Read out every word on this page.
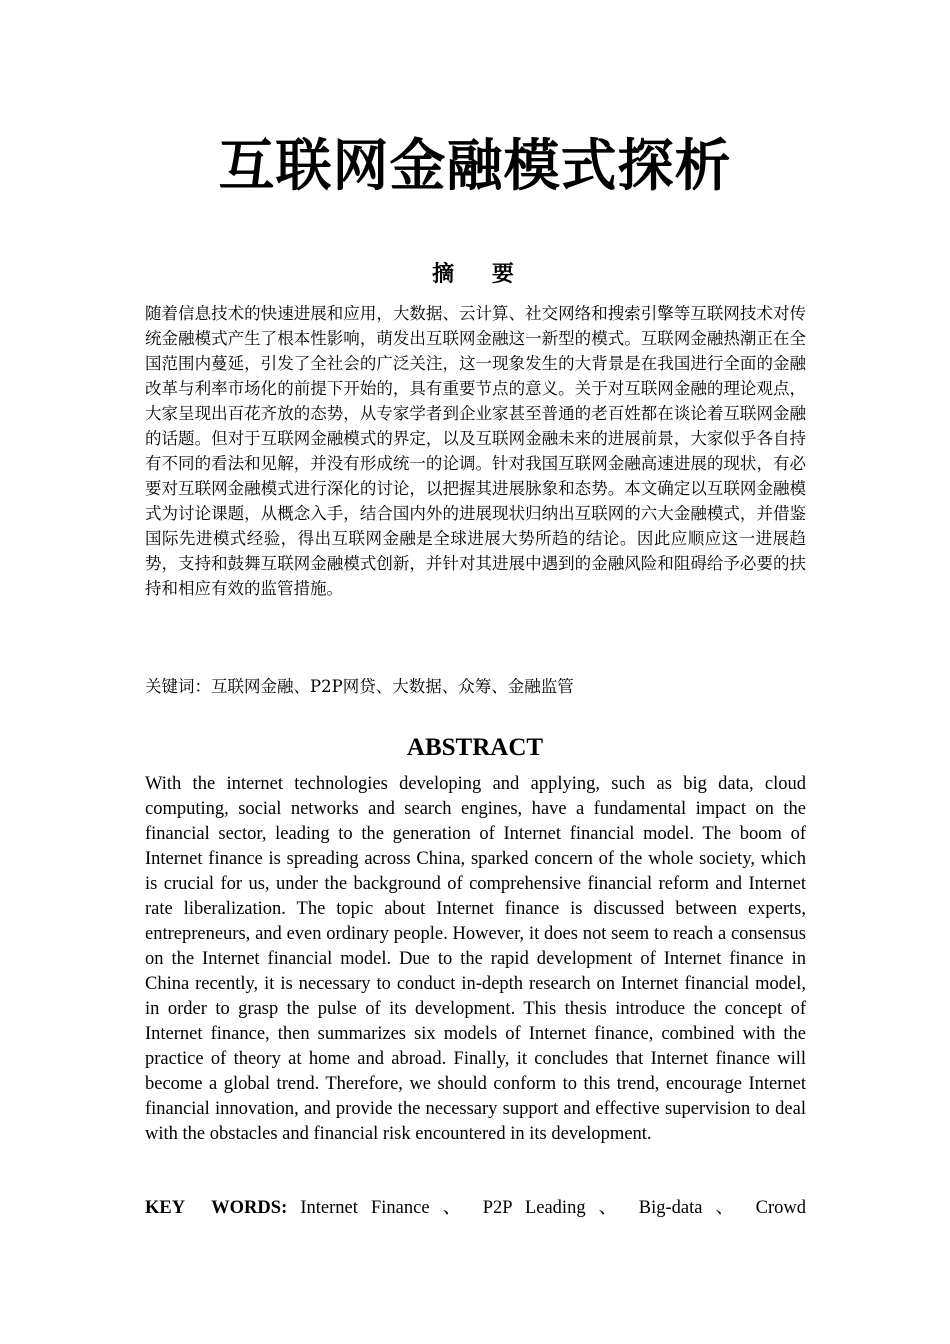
互联网金融模式探析
摘 要

随着信息技术的快速进展和应用，大数据、云计算、社交网络和搜索引擎等互联网技术对传统金融模式产生了根本性影响，萌发出互联网金融这一新型的模式。互联网金融热潮正在全国范围内蔓延，引发了全社会的广泛关注，这一现象发生的大背景是在我国进行全面的金融改革与利率市场化的前提下开始的，具有重要节点的意义。关于对互联网金融的理论观点，大家呈现出百花齐放的态势，从专家学者到企业家甚至普通的老百姓都在谈论着互联网金融的话题。但对于互联网金融模式的界定，以及互联网金融未来的进展前景，大家似乎各自持有不同的看法和见解，并没有形成统一的论调。针对我国互联网金融高速进展的现状，有必要对互联网金融模式进行深化的讨论，以把握其进展脉象和态势。本文确定以互联网金融模式为讨论课题，从概念入手，结合国内外的进展现状归纳出互联网的六大金融模式，并借鉴国际先进模式经验，得出互联网金融是全球进展大势所趋的结论。因此应顺应这一进展趋势，支持和鼓舞互联网金融模式创新，并针对其进展中遇到的金融风险和阻碍给予必要的扶持和相应有效的监管措施。

关键词：互联网金融、P2P网贷、大数据、众筹、金融监管

ABSTRACT

With the internet technologies developing and applying, such as big data, cloud computing, social networks and search engines, have a fundamental impact on the financial sector, leading to the generation of Internet financial model. The boom of Internet finance is spreading across China, sparked concern of the whole society, which is crucial for us, under the background of comprehensive financial reform and Internet rate liberalization. The topic about Internet finance is discussed between experts, entrepreneurs, and even ordinary people. However, it does not seem to reach a consensus on the Internet financial model. Due to the rapid development of Internet finance in China recently, it is necessary to conduct in-depth research on Internet financial model, in order to grasp the pulse of its development. This thesis introduce the concept of Internet finance, then summarizes six models of Internet finance, combined with the practice of theory at home and abroad. Finally, it concludes that Internet finance will become a global trend. Therefore, we should conform to this trend, encourage Internet financial innovation, and provide the necessary support and effective supervision to deal with the obstacles and financial risk encountered in its development.

KEY WORDS: Internet Finance 、 P2P Leading 、 Big-data 、 Crowd
